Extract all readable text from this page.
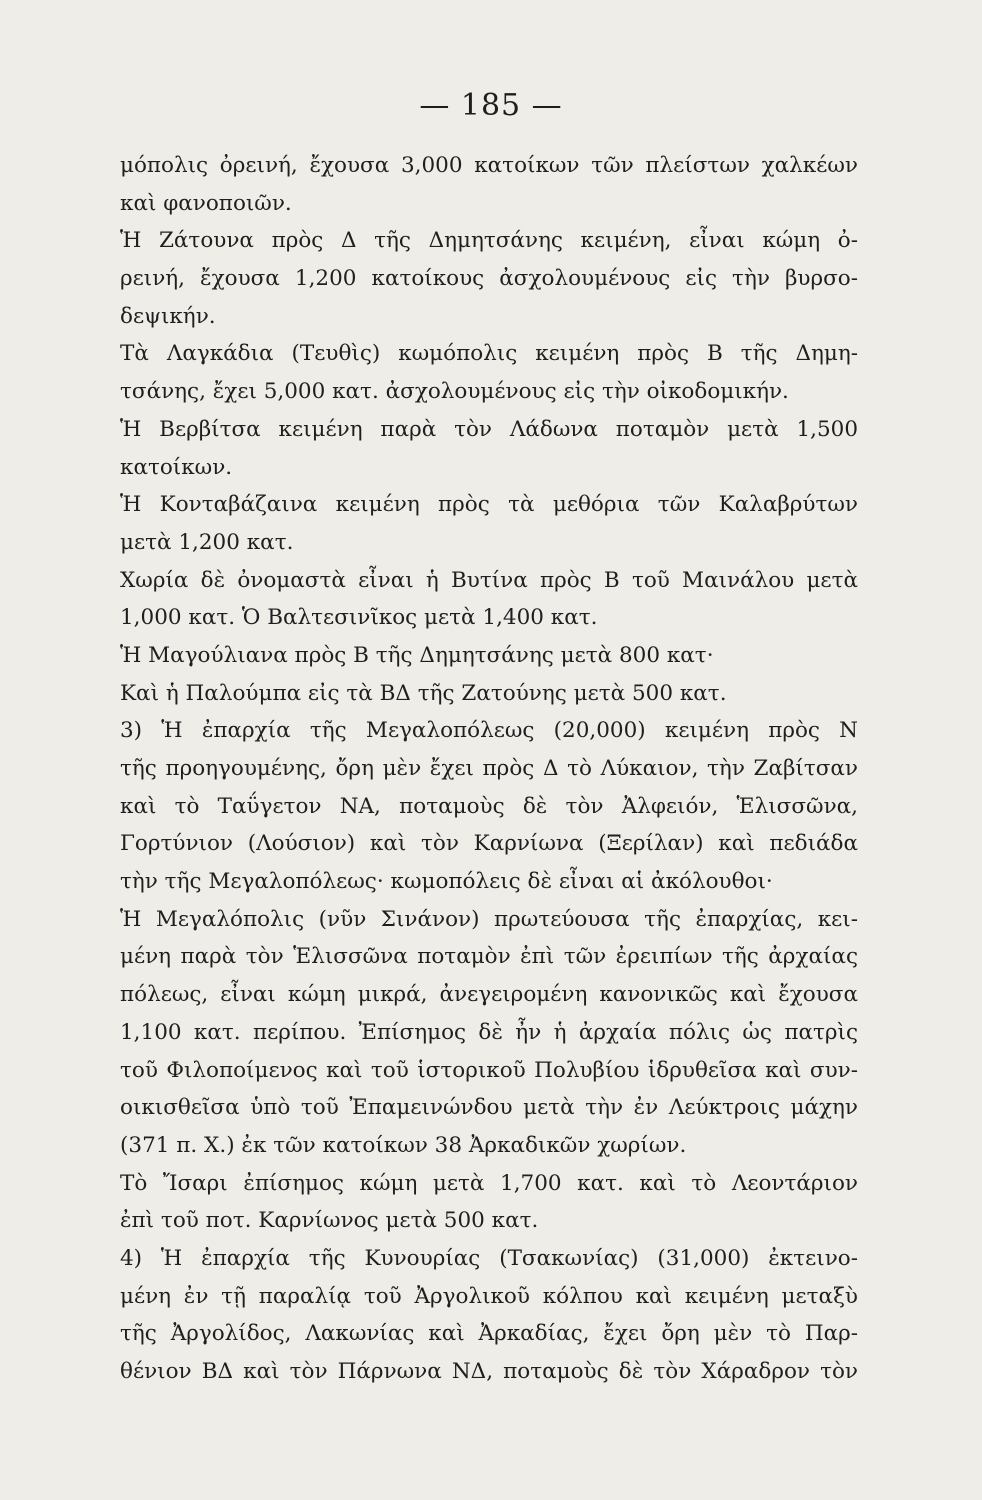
— 185 —
μόπολις ὀρεινή, ἔχουσα 3,000 κατοίκων τῶν πλείστων χαλκέων
καὶ φανοποιῶν.
Ἡ Ζάτουνα πρὸς Δ τῆς Δημητσάνης κειμένη, εἶναι κώμη ὀ-
ρεινή, ἔχουσα 1,200 κατοίκους ἀσχολουμένους εἰς τὴν βυρσο-
δεψικήν.
Τὰ Λαγκάδια (Τευθὶς) κωμόπολις κειμένη πρὸς Β τῆς Δημη-
τσάνης, ἔχει 5,000 κατ. ἀσχολουμένους εἰς τὴν οἰκοδομικήν.
Ἡ Βερβίτσα κειμένη παρὰ τὸν Λάδωνα ποταμὸν μετὰ 1,500
κατοίκων.
Ἡ Κονταβάζαινα κειμένη πρὸς τὰ μεθόρια τῶν Καλαβρύτων
μετὰ 1,200 κατ.
Χωρία δὲ ὀνομαστὰ εἶναι ἡ Βυτίνα πρὸς Β τοῦ Μαινάλου μετὰ
1,000 κατ. Ὁ Βαλτεσινῖκος μετὰ 1,400 κατ.
Ἡ Μαγούλιανα πρὸς Β τῆς Δημητσάνης μετὰ 800 κατ·
Καὶ ἡ Παλούμπα εἰς τὰ ΒΔ τῆς Ζατούνης μετὰ 500 κατ.
3) Ἡ ἐπαρχία τῆς Μεγαλοπόλεως (20,000) κειμένη πρὸς Ν
τῆς προηγουμένης, ὄρη μὲν ἔχει πρὸς Δ τὸ Λύκαιον, τὴν Ζαβίτσαν
καὶ τὸ Ταΰγετον ΝΑ, ποταμοὺς δὲ τὸν Ἀλφειόν, Ἑλισσῶνα,
Γορτύνιον (Λούσιον) καὶ τὸν Καρνίωνα (Ξερίλαν) καὶ πεδιάδα
τὴν τῆς Μεγαλοπόλεως· κωμοπόλεις δὲ εἶναι αἱ ἀκόλουθοι·
Ἡ Μεγαλόπολις (νῦν Σινάνον) πρωτεύουσα τῆς ἐπαρχίας, κει-
μένη παρὰ τὸν Ἑλισσῶνα ποταμὸν ἐπὶ τῶν ἐρειπίων τῆς ἀρχαίας
πόλεως, εἶναι κώμη μικρά, ἀνεγειρομένη κανονικῶς καὶ ἔχουσα
1,100 κατ. περίπου. Ἐπίσημος δὲ ἦν ἡ ἀρχαία πόλις ὡς πατρὶς
τοῦ Φιλοποίμενος καὶ τοῦ ἱστορικοῦ Πολυβίου ἱδρυθεῖσα καὶ συν-
οικισθεῖσα ὑπὸ τοῦ Ἐπαμεινώνδου μετὰ τὴν ἐν Λεύκτροις μάχην
(371 π. Χ.) ἐκ τῶν κατοίκων 38 Ἀρκαδικῶν χωρίων.
Τὸ Ἴσαρι ἐπίσημος κώμη μετὰ 1,700 κατ. καὶ τὸ Λεοντάριον
ἐπὶ τοῦ ποτ. Καρνίωνος μετὰ 500 κατ.
4) Ἡ ἐπαρχία τῆς Κυνουρίας (Τσακωνίας) (31,000) ἐκτεινο-
μένη ἐν τῇ παραλίᾳ τοῦ Ἀργολικοῦ κόλπου καὶ κειμένη μεταξὺ
τῆς Ἀργολίδος, Λακωνίας καὶ Ἀρκαδίας, ἔχει ὄρη μὲν τὸ Παρ-
θένιον ΒΔ καὶ τὸν Πάρνωνα ΝΔ, ποταμοὺς δὲ τὸν Χάραδρον τὸν
